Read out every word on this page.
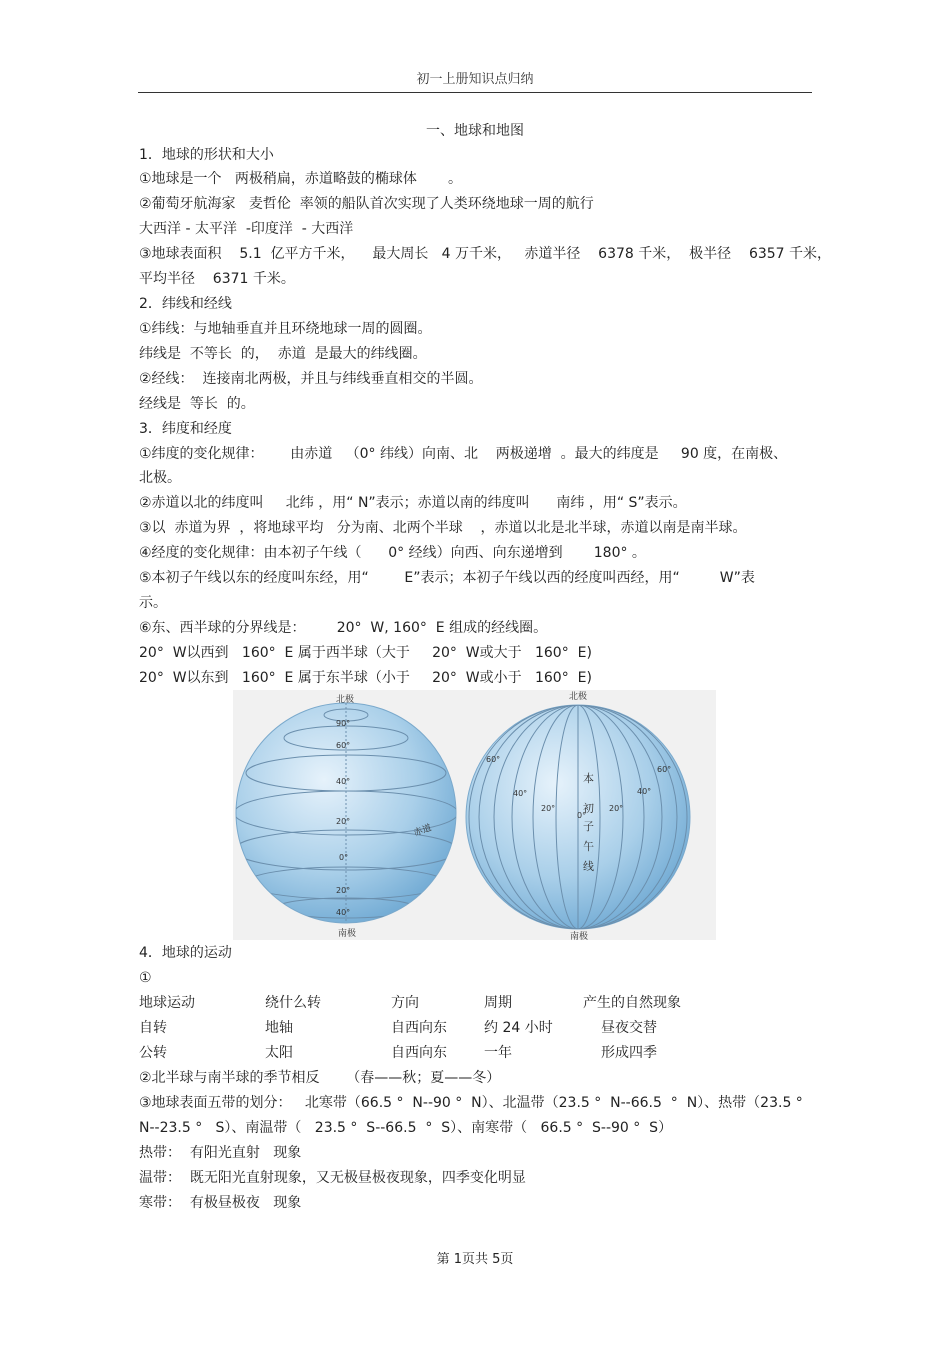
初一上册知识点归纳
一、地球和地图
1．地球的形状和大小
①地球是一个   两极稍扁，赤道略鼓的椭球体       。
②葡萄牙航海家   麦哲伦  率领的船队首次实现了人类环绕地球一周的航行
大西洋 - 太平洋  -印度洋  - 大西洋
③地球表面积    5.1  亿平方千米，    最大周长   4 万千米，   赤道半径    6378 千米，  极半径    6357 千米，
平均半径    6371 千米。
2．纬线和经线
①纬线：与地轴垂直并且环绕地球一周的圆圈。
纬线是  不等长  的，  赤道  是最大的纬线圈。
②经线：  连接南北两极，并且与纬线垂直相交的半圆。
经线是  等长  的。
3．纬度和经度
①纬度的变化规律：      由赤道   （0° 纬线）向南、北    两极递增  。最大的纬度是     90 度，在南极、
北极。
②赤道以北的纬度叫     北纬 ，用“ N”表示；赤道以南的纬度叫      南纬 ，用“ S”表示。
③以  赤道为界  ，将地球平均   分为南、北两个半球    ，赤道以北是北半球，赤道以南是南半球。
④经度的变化规律：由本初子午线（      0° 经线）向西、向东递增到       180° 。
⑤本初子午线以东的经度叫东经，用“        E”表示；本初子午线以西的经度叫西经，用“         W”表
示。
⑥东、西半球的分界线是：       20°  W, 160°  E 组成的经线圈。
20°  W以西到   160°  E 属于西半球（大于     20°  W或大于   160°  E)
20°  W以东到   160°  E 属于东半球（小于     20°  W或小于   160°  E)
北极
南极
90°
60°
40°
20°
0°
20°
40°
赤道
北极
南极
60°
40°
20°
0°
20°
40°
60°
本
初
子
午
线
4．地球的运动
①
地球运动	绕什么转	方向	周期	产生的自然现象
自转	地轴	自西向东	约 24 小时	昼夜交替
公转	太阳	自西向东	一年	形成四季
②北半球与南半球的季节相反      （春——秋；夏——冬）
③地球表面五带的划分：   北寒带（66.5 °  N--90 °  N）、北温带（23.5 °  N--66.5  °  N）、热带（23.5 °
N--23.5 °   S）、南温带（   23.5 °  S--66.5  °  S）、南寒带（   66.5 °  S--90 °  S）
热带：  有阳光直射   现象
温带：  既无阳光直射现象，又无极昼极夜现象，四季变化明显
寒带：  有极昼极夜   现象
第 1页共 5页
